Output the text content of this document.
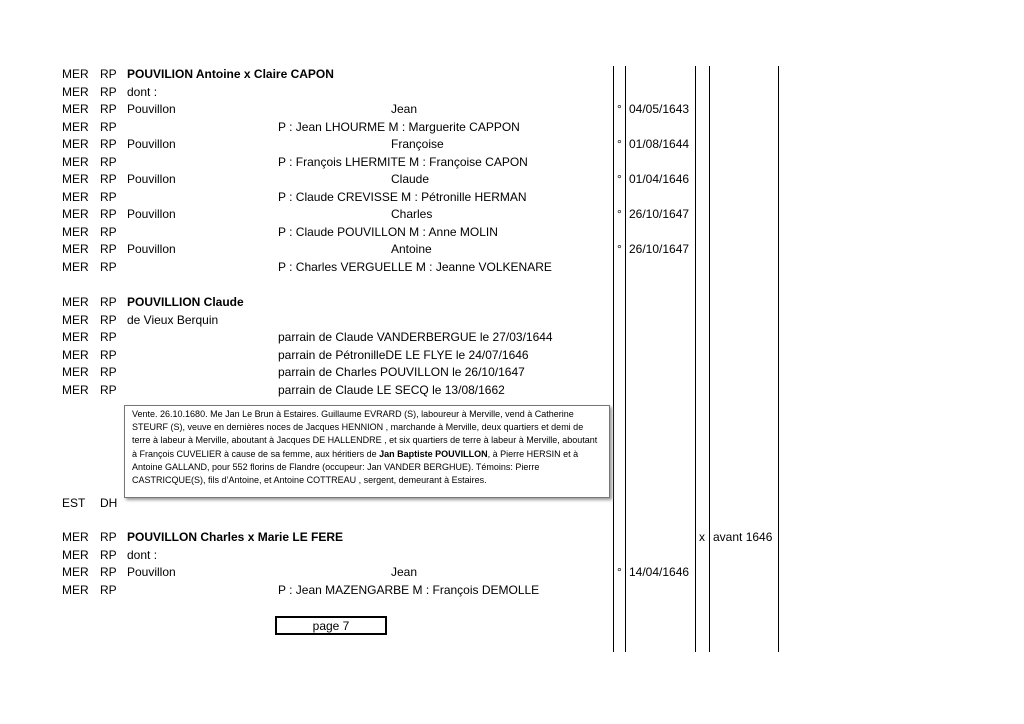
MER RP POUVILION Antoine x Claire CAPON
MER RP dont :
MER RP Pouvillon	Jean	° 04/05/1643
MER RP	P : Jean LHOURME M : Marguerite CAPPON
MER RP Pouvillon	Françoise	° 01/08/1644
MER RP	P : François LHERMITE M : Françoise CAPON
MER RP Pouvillon	Claude	° 01/04/1646
MER RP	P : Claude CREVISSE M : Pétronille HERMAN
MER RP Pouvillon	Charles	° 26/10/1647
MER RP	P : Claude POUVILLON M : Anne MOLIN
MER RP Pouvillon	Antoine	° 26/10/1647
MER RP	P : Charles VERGUELLE M : Jeanne VOLKENARE
MER RP POUVILLION Claude
MER RP de Vieux Berquin
MER RP	parrain de Claude VANDERBERGUE le 27/03/1644
MER RP	parrain de PétronilleDE LE FLYE le 24/07/1646
MER RP	parrain de Charles POUVILLON le 26/10/1647
MER RP	parrain de Claude LE SECQ le 13/08/1662
EST DH
MER RP POUVILLON Charles x Marie LE FERE	x avant 1646
MER RP dont :
MER RP Pouvillon	Jean	° 14/04/1646
MER RP	P : Jean MAZENGARBE M : François DEMOLLE
Vente. 26.10.1680. Me Jan Le Brun à Estaires. Guillaume EVRARD (S), laboureur à Merville, vend à Catherine STEURF (S), veuve en dernières noces de Jacques HENNION , marchande à Merville, deux quartiers et demi de terre à labeur à Merville, aboutant à Jacques DE HALLENDRE , et six quartiers de terre à labeur à Merville, aboutant à François CUVELIER à cause de sa femme, aux héritiers de Jan Baptiste POUVILLON, à Pierre HERSIN et à Antoine GALLAND, pour 552 florins de Flandre (occupeur: Jan VANDER BERGHUE). Témoins: Pierre CASTRICQUE(S), fils d’Antoine, et Antoine COTTREAU , sergent, demeurant à Estaires.
page 7
